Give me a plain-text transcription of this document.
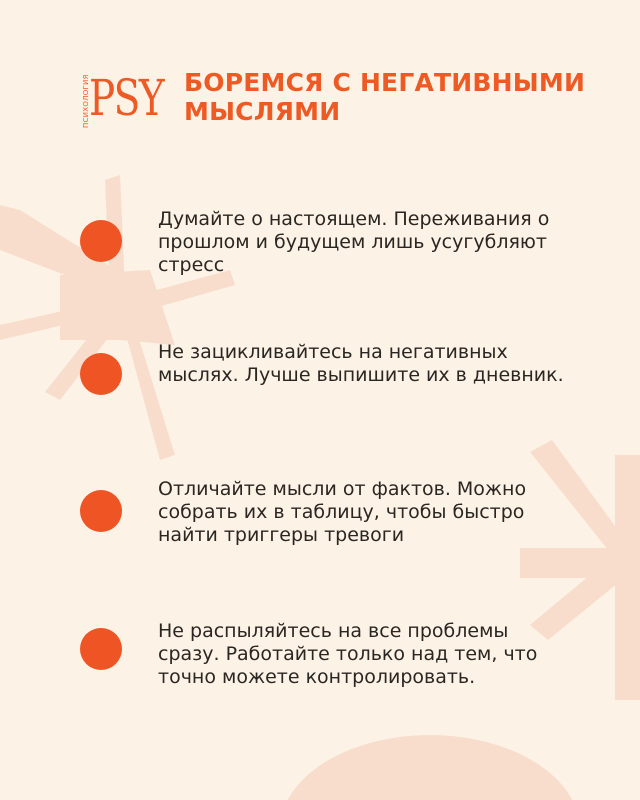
ПСИХОЛОГИЯ PSY БОРЕМСЯ С НЕГАТИВНЫМИ МЫСЛЯМИ

Думайте о настоящем. Переживания о прошлом и будущем лишь усугубляют стресс

Не зацикливайтесь на негативных мыслях. Лучше выпишите их в дневник.

Отличайте мысли от фактов. Можно собрать их в таблицу, чтобы быстро найти триггеры тревоги

Не распыляйтесь на все проблемы сразу. Работайте только над тем, что точно можете контролировать.
